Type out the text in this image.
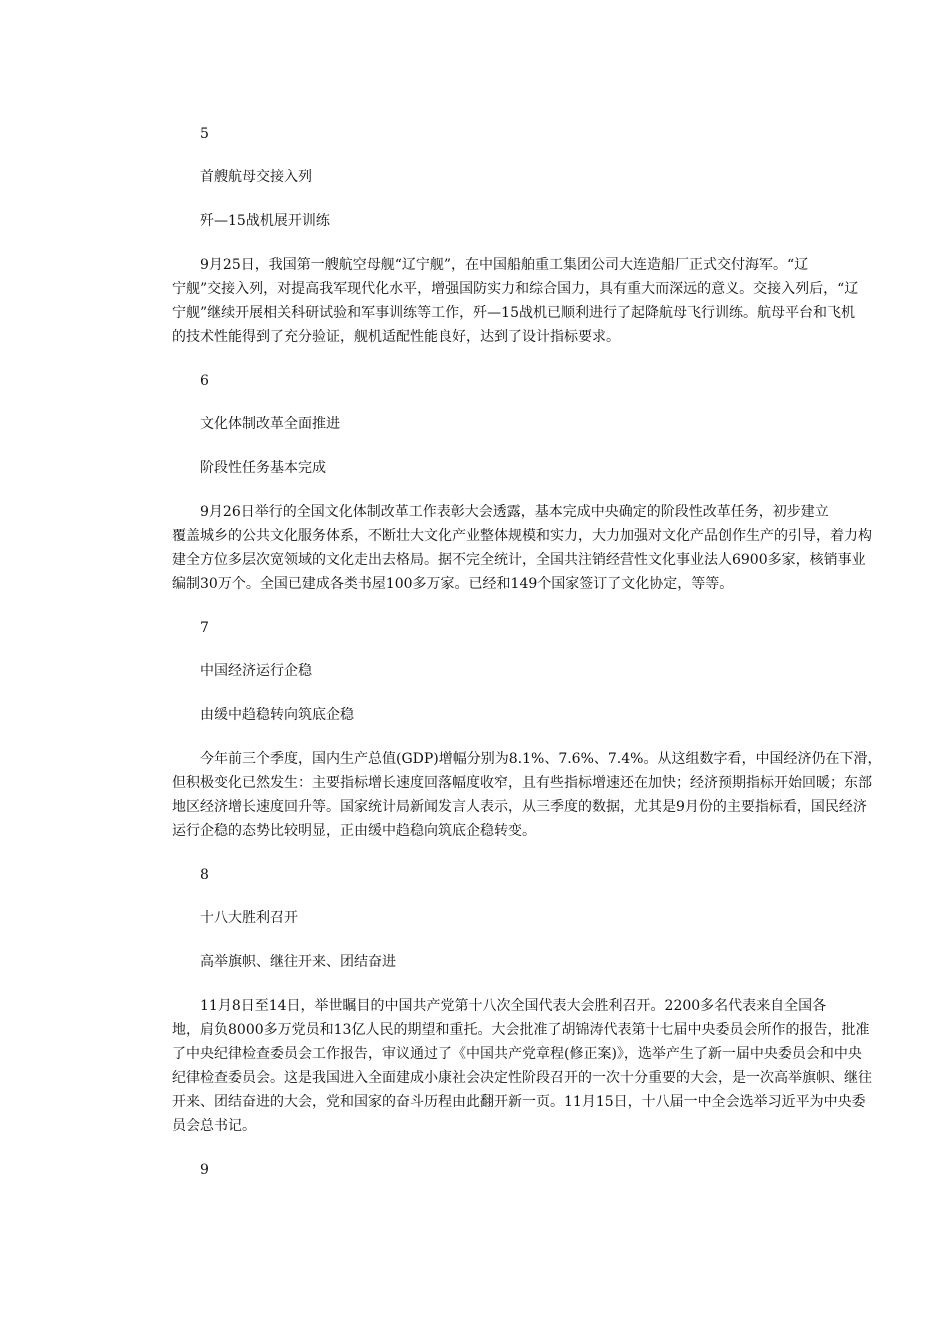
5
首艘航母交接入列
歼—15战机展开训练
9月25日，我国第一艘航空母舰“辽宁舰”，在中国船舶重工集团公司大连造船厂正式交付海军。“辽
宁舰”交接入列，对提高我军现代化水平，增强国防实力和综合国力，具有重大而深远的意义。交接入列后，“辽
宁舰”继续开展相关科研试验和军事训练等工作，歼—15战机已顺利进行了起降航母飞行训练。航母平台和飞机
的技术性能得到了充分验证，舰机适配性能良好，达到了设计指标要求。
6
文化体制改革全面推进
阶段性任务基本完成
9月26日举行的全国文化体制改革工作表彰大会透露，基本完成中央确定的阶段性改革任务，初步建立
覆盖城乡的公共文化服务体系，不断壮大文化产业整体规模和实力，大力加强对文化产品创作生产的引导，着力构
建全方位多层次宽领域的文化走出去格局。据不完全统计，全国共注销经营性文化事业法人6900多家，核销事业
编制30万个。全国已建成各类书屋100多万家。已经和149个国家签订了文化协定，等等。
7
中国经济运行企稳
由缓中趋稳转向筑底企稳
今年前三个季度，国内生产总值(GDP)增幅分别为8.1%、7.6%、7.4%。从这组数字看，中国经济仍在下滑，
但积极变化已然发生：主要指标增长速度回落幅度收窄，且有些指标增速还在加快；经济预期指标开始回暖；东部
地区经济增长速度回升等。国家统计局新闻发言人表示，从三季度的数据，尤其是9月份的主要指标看，国民经济
运行企稳的态势比较明显，正由缓中趋稳向筑底企稳转变。
8
十八大胜利召开
高举旗帜、继往开来、团结奋进
11月8日至14日，举世瞩目的中国共产党第十八次全国代表大会胜利召开。2200多名代表来自全国各
地，肩负8000多万党员和13亿人民的期望和重托。大会批准了胡锦涛代表第十七届中央委员会所作的报告，批准
了中央纪律检查委员会工作报告，审议通过了《中国共产党章程(修正案)》，选举产生了新一届中央委员会和中央
纪律检查委员会。这是我国进入全面建成小康社会决定性阶段召开的一次十分重要的大会，是一次高举旗帜、继往
开来、团结奋进的大会，党和国家的奋斗历程由此翻开新一页。11月15日，十八届一中全会选举习近平为中央委
员会总书记。
9
